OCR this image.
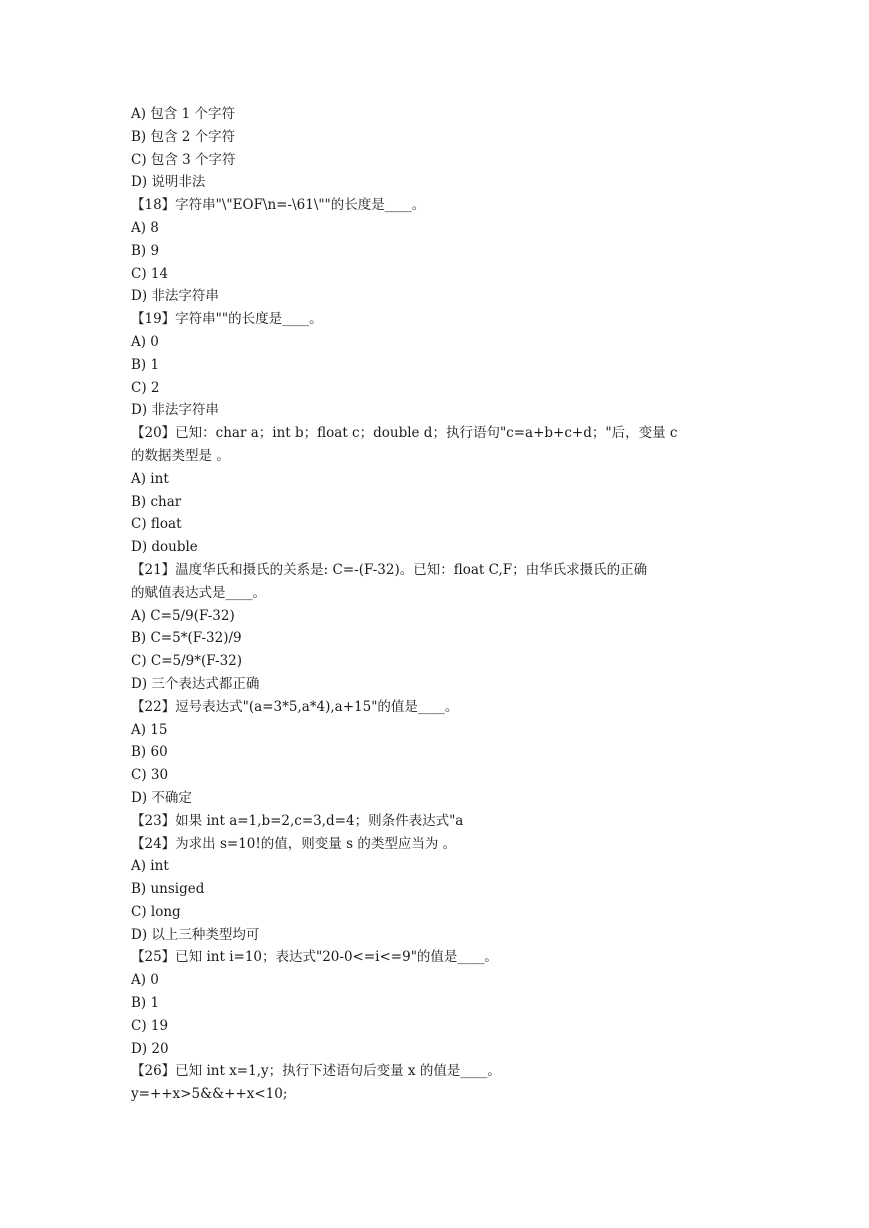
A) 包含 1 个字符
B) 包含 2 个字符
C) 包含 3 个字符
D) 说明非法
【18】字符串"\"EOF\n=-\61\""的长度是____。
A) 8
B) 9
C) 14
D) 非法字符串
【19】字符串""的长度是____。
A) 0
B) 1
C) 2
D) 非法字符串
【20】已知：char a；int b；float c；double d；执行语句"c=a+b+c+d；"后，变量 c
的数据类型是 。
A) int
B) char
C) float
D) double
【21】温度华氏和摄氏的关系是: C=-(F-32)。已知：float C,F；由华氏求摄氏的正确
的赋值表达式是____。
A) C=5/9(F-32)
B) C=5*(F-32)/9
C) C=5/9*(F-32)
D) 三个表达式都正确
【22】逗号表达式"(a=3*5,a*4),a+15"的值是____。
A) 15
B) 60
C) 30
D) 不确定
【23】如果 int a=1,b=2,c=3,d=4；则条件表达式"a
【24】为求出 s=10!的值，则变量 s 的类型应当为 。
A) int
B) unsiged
C) long
D) 以上三种类型均可
【25】已知 int i=10；表达式"20-0<=i<=9"的值是____。
A) 0
B) 1
C) 19
D) 20
【26】已知 int x=1,y；执行下述语句后变量 x 的值是____。
y=++x>5&&++x<10;
